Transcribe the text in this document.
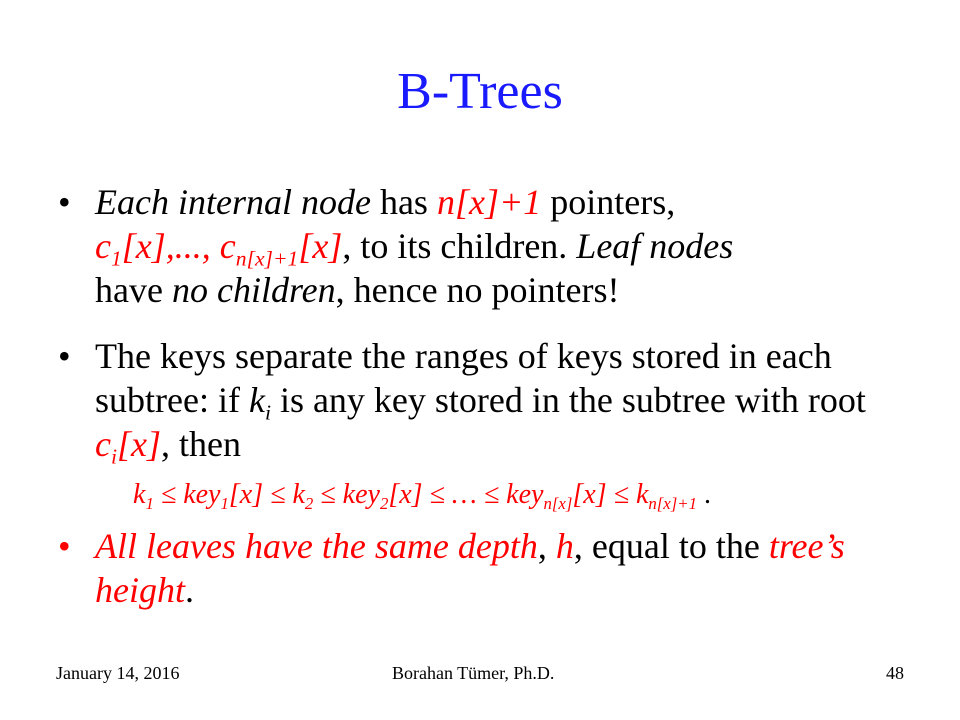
B-Trees
• Each internal node has n[x]+1 pointers,
$c_1[x]$,..., $c_{n[x]+1}[x]$, to its children. Leaf nodes
have no children, hence no pointers!
• The keys separate the ranges of keys stored in each subtree: if $k_i$ is any key stored in the subtree with root $c_i[x]$, then
$k_1 \le key_1[x] \le k_2 \le key_2[x]$ ≤ … ≤ $key_{n[x]}[x] \le k_{n[x]+1}$ .
• All leaves have the same depth, h, equal to the tree’s height.
January 14, 2016	Borahan Tümer, Ph.D.	48
